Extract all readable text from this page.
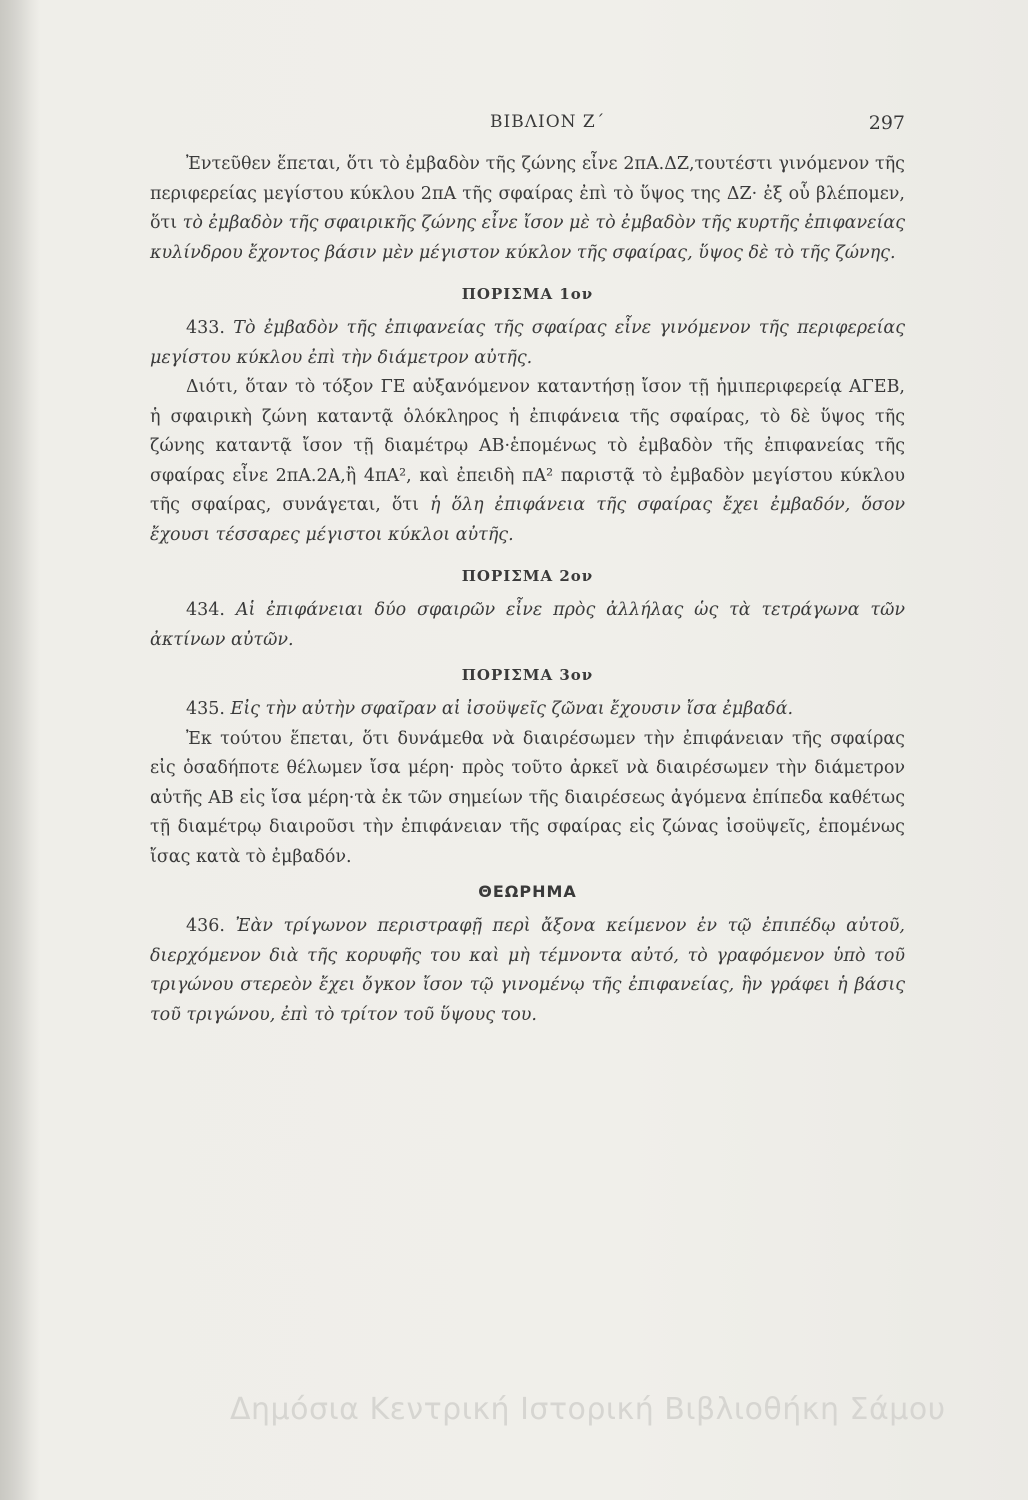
ΒΙΒΛΙΟΝ Ζ΄	297

Ἐντεῦθεν ἕπεται, ὅτι τὸ ἐμβαδὸν τῆς ζώνης εἶνε 2πΑ.ΔΖ,τουτέστι γινόμενον τῆς περιφερείας μεγίστου κύκλου 2πΑ τῆς σφαίρας ἐπὶ τὸ ὕψος της ΔΖ· ἐξ οὗ βλέπομεν, ὅτι τὸ ἐμβαδὸν τῆς σφαιρικῆς ζώνης εἶνε ἴσον μὲ τὸ ἐμβαδὸν τῆς κυρτῆς ἐπιφανείας κυλίνδρου ἔχοντος βάσιν μὲν μέγιστον κύκλον τῆς σφαίρας, ὕψος δὲ τὸ τῆς ζώνης.

ΠΟΡΙΣΜΑ 1ον

433. Τὸ ἐμβαδὸν τῆς ἐπιφανείας τῆς σφαίρας εἶνε γινόμενον τῆς περιφερείας μεγίστου κύκλου ἐπὶ τὴν διάμετρον αὐτῆς.

Διότι, ὅταν τὸ τόξον ΓΕ αὐξανόμενον καταντήσῃ ἴσον τῇ ἡμιπεριφερείᾳ ΑΓΕΒ, ἡ σφαιρικὴ ζώνη καταντᾷ ὁλόκληρος ἡ ἐπιφάνεια τῆς σφαίρας, τὸ δὲ ὕψος τῆς ζώνης καταντᾷ ἴσον τῇ διαμέτρῳ ΑΒ·ἑπομένως τὸ ἐμβαδὸν τῆς ἐπιφανείας τῆς σφαίρας εἶνε 2πΑ.2Α,ἢ 4πΑ², καὶ ἐπειδὴ πΑ² παριστᾷ τὸ ἐμβαδὸν μεγίστου κύκλου τῆς σφαίρας, συνάγεται, ὅτι ἡ ὅλη ἐπιφάνεια τῆς σφαίρας ἔχει ἐμβαδόν, ὅσον ἔχουσι τέσσαρες μέγιστοι κύκλοι αὐτῆς.

ΠΟΡΙΣΜΑ 2ον

434. Αἱ ἐπιφάνειαι δύο σφαιρῶν εἶνε πρὸς ἀλλήλας ὡς τὰ τετράγωνα τῶν ἀκτίνων αὐτῶν.

ΠΟΡΙΣΜΑ 3ον

435. Εἰς τὴν αὐτὴν σφαῖραν αἱ ἰσοϋψεῖς ζῶναι ἔχουσιν ἴσα ἐμβαδά.

Ἐκ τούτου ἕπεται, ὅτι δυνάμεθα νὰ διαιρέσωμεν τὴν ἐπιφάνειαν τῆς σφαίρας εἰς ὁσαδήποτε θέλωμεν ἴσα μέρη· πρὸς τοῦτο ἀρκεῖ νὰ διαιρέσωμεν τὴν διάμετρον αὐτῆς ΑΒ εἰς ἴσα μέρη·τὰ ἐκ τῶν σημείων τῆς διαιρέσεως ἀγόμενα ἐπίπεδα καθέτως τῇ διαμέτρῳ διαιροῦσι τὴν ἐπιφάνειαν τῆς σφαίρας εἰς ζώνας ἰσοϋψεῖς, ἑπομένως ἴσας κατὰ τὸ ἐμβαδόν.

ΘΕΩΡΗΜΑ

436. Ἐὰν τρίγωνον περιστραφῇ περὶ ἄξονα κείμενον ἐν τῷ ἐπιπέδῳ αὐτοῦ, διερχόμενον διὰ τῆς κορυφῆς του καὶ μὴ τέμνοντα αὐτό, τὸ γραφόμενον ὑπὸ τοῦ τριγώνου στερεὸν ἔχει ὄγκον ἴσον τῷ γινομένῳ τῆς ἐπιφανείας, ἣν γράφει ἡ βάσις τοῦ τριγώνου, ἐπὶ τὸ τρίτον τοῦ ὕψους του.

Δημόσια Κεντρική Ιστορική Βιβλιοθήκη Σάμου
